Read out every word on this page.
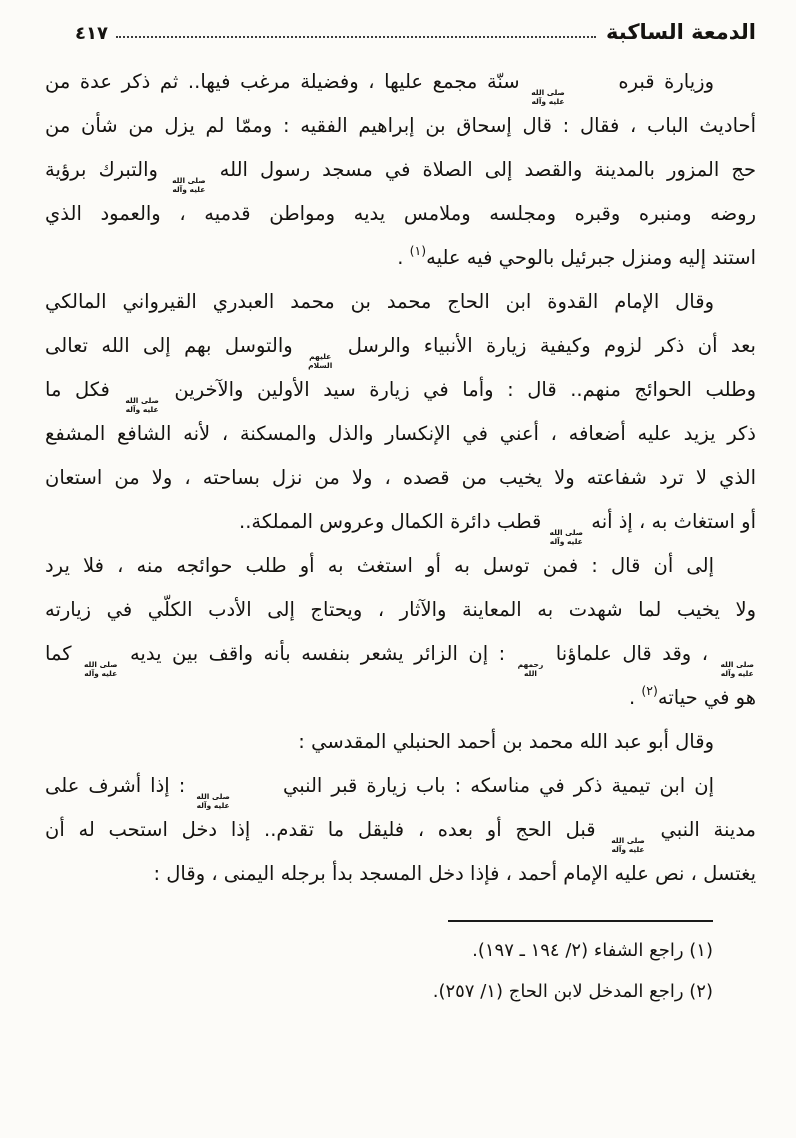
الدمعة الساكبة
٤١٧
وزيارة قبره
صلى الله
عليه وآله
سنّة مجمع عليها ، وفضيلة مرغب فيها.. ثم ذكر عدة من
أحاديث الباب ، فقال : قال إسحاق بن إبراهيم الفقيه : وممّا لم يزل من شأن من
حج المزور بالمدينة والقصد إلى الصلاة في مسجد رسول الله
صلى الله
عليه وآله
والتبرك برؤية
روضه ومنبره وقبره ومجلسه وملامس يديه ومواطن قدميه ، والعمود الذي
استند إليه ومنزل جبرئيل بالوحي فيه عليه$^{(١)}$ .
وقال الإمام القدوة ابن الحاج محمد بن محمد العبدري القيرواني المالكي
بعد أن ذكر لزوم وكيفية زيارة الأنبياء والرسل
عليهم
السلام
والتوسل بهم إلى الله تعالى
وطلب الحوائج منهم.. قال : وأما في زيارة سيد الأولين والآخرين
صلى الله
عليه وآله
فكل ما
ذكر يزيد عليه أضعافه ، أعني في الإنكسار والذل والمسكنة ، لأنه الشافع المشفع
الذي لا ترد شفاعته ولا يخيب من قصده ، ولا من نزل بساحته ، ولا من استعان
أو استغاث به ، إذ أنه
صلى الله
عليه وآله
قطب دائرة الكمال وعروس المملكة..
إلى أن قال : فمن توسل به أو استغث به أو طلب حوائجه منه ، فلا يرد
ولا يخيب لما شهدت به المعاينة والآثار ، ويحتاج إلى الأدب الكلّي في زيارته
صلى الله
عليه وآله
، وقد قال علماؤنا
رحمهم
الله
: إن الزائر يشعر بنفسه بأنه واقف بين يديه
صلى الله
عليه وآله
كما
هو في حياته$^{(٢)}$ .
وقال أبو عبد الله محمد بن أحمد الحنبلي المقدسي :
إن ابن تيمية ذكر في مناسكه : باب زيارة قبر النبي
صلى الله
عليه وآله
: إذا أشرف على
مدينة النبي
صلى الله
عليه وآله
قبل الحج أو بعده ، فليقل ما تقدم.. إذا دخل استحب له أن
يغتسل ، نص عليه الإمام أحمد ، فإذا دخل المسجد بدأ برجله اليمنى ، وقال :
(١) راجع الشفاء (٢/ ١٩٤ ـ ١٩٧).
(٢) راجع المدخل لابن الحاج (١/ ٢٥٧).
